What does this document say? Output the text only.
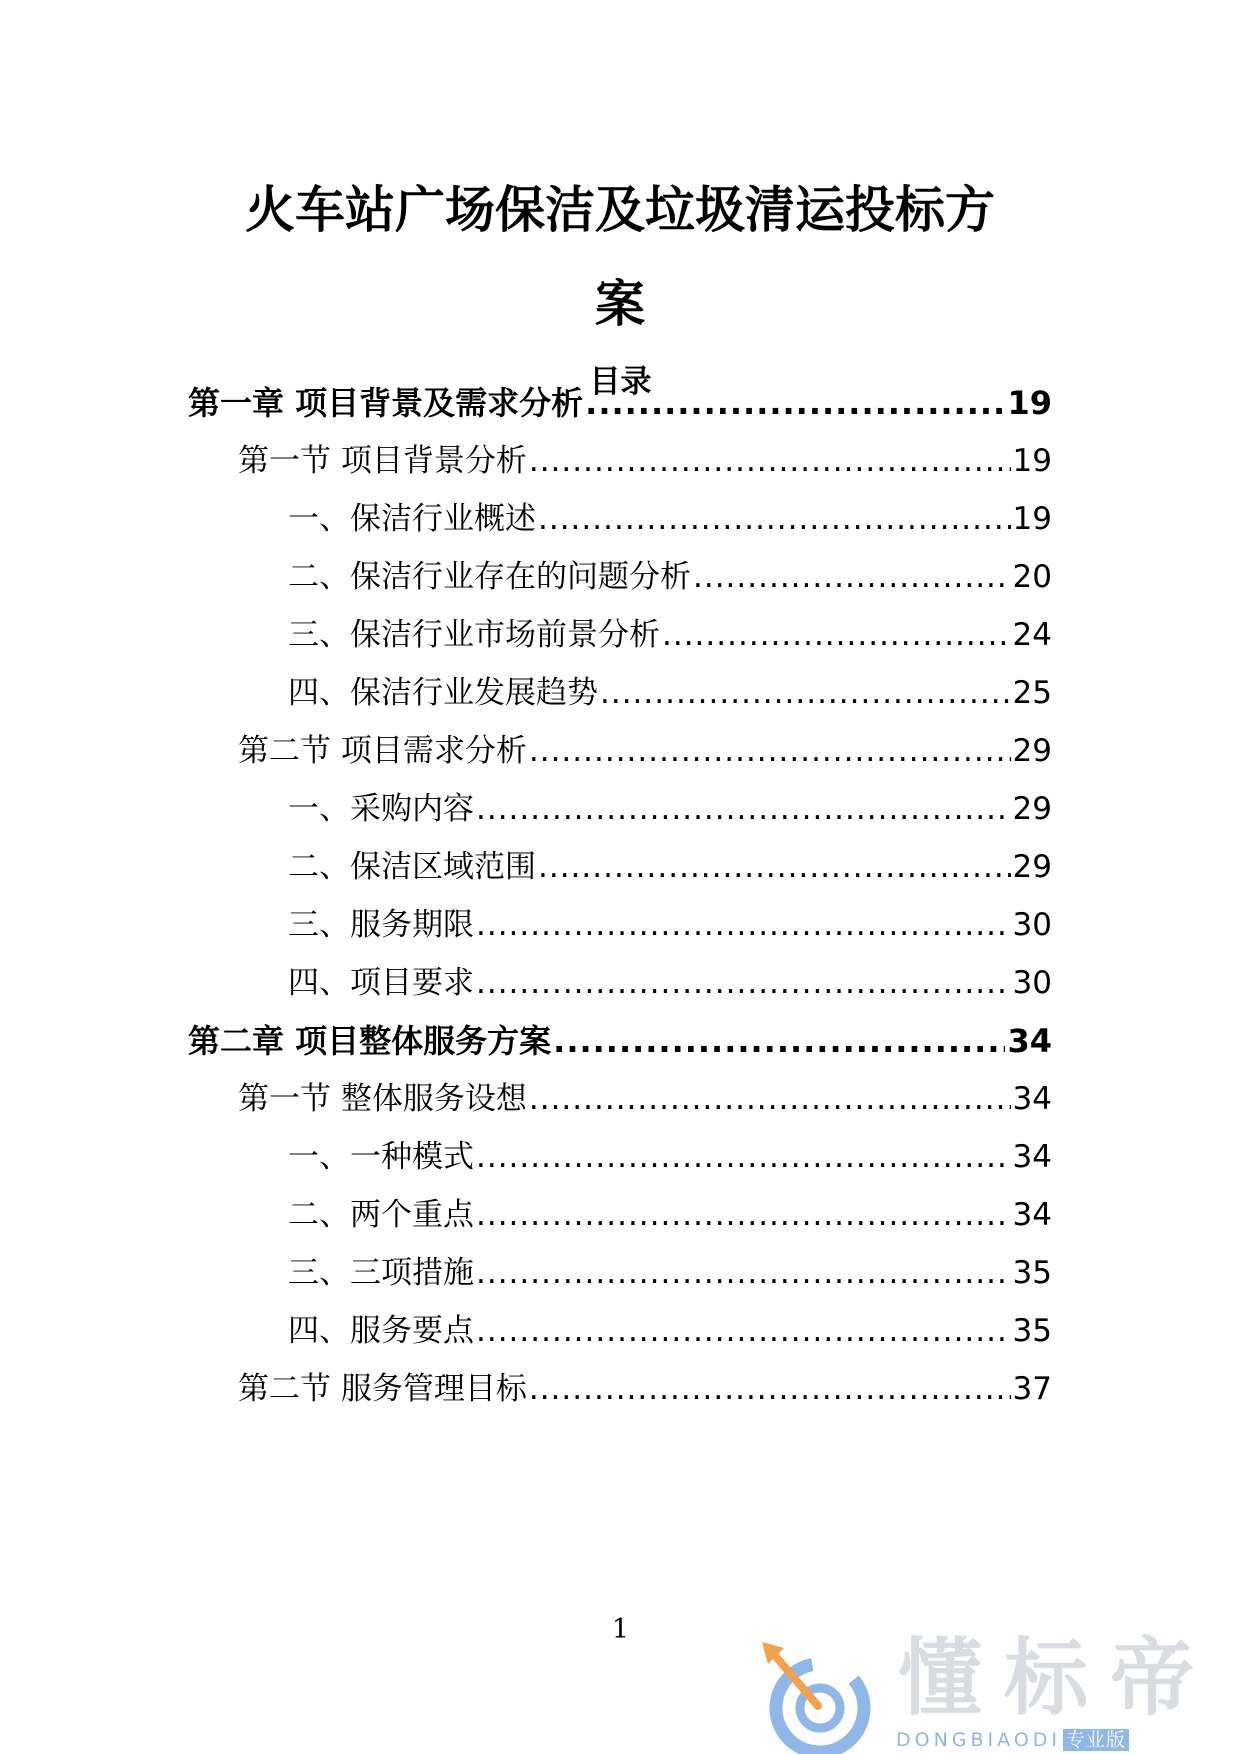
火车站广场保洁及垃圾清运投标方
案
目录
第一章 项目背景及需求分析 .....	19
第一节 项目背景分析 .....	19
一、保洁行业概述 .....	19
二、保洁行业存在的问题分析 .....	20
三、保洁行业市场前景分析 .....	24
四、保洁行业发展趋势 .....	25
第二节 项目需求分析 .....	29
一、采购内容 .....	29
二、保洁区域范围 .....	29
三、服务期限 .....	30
四、项目要求 .....	30
第二章 项目整体服务方案 .....	34
第一节 整体服务设想 .....	34
一、一种模式 .....	34
二、两个重点 .....	34
三、三项措施 .....	35
四、服务要点 .....	35
第二节 服务管理目标 .....	37
1	懂标帝
DONGBIAODI 专业版
